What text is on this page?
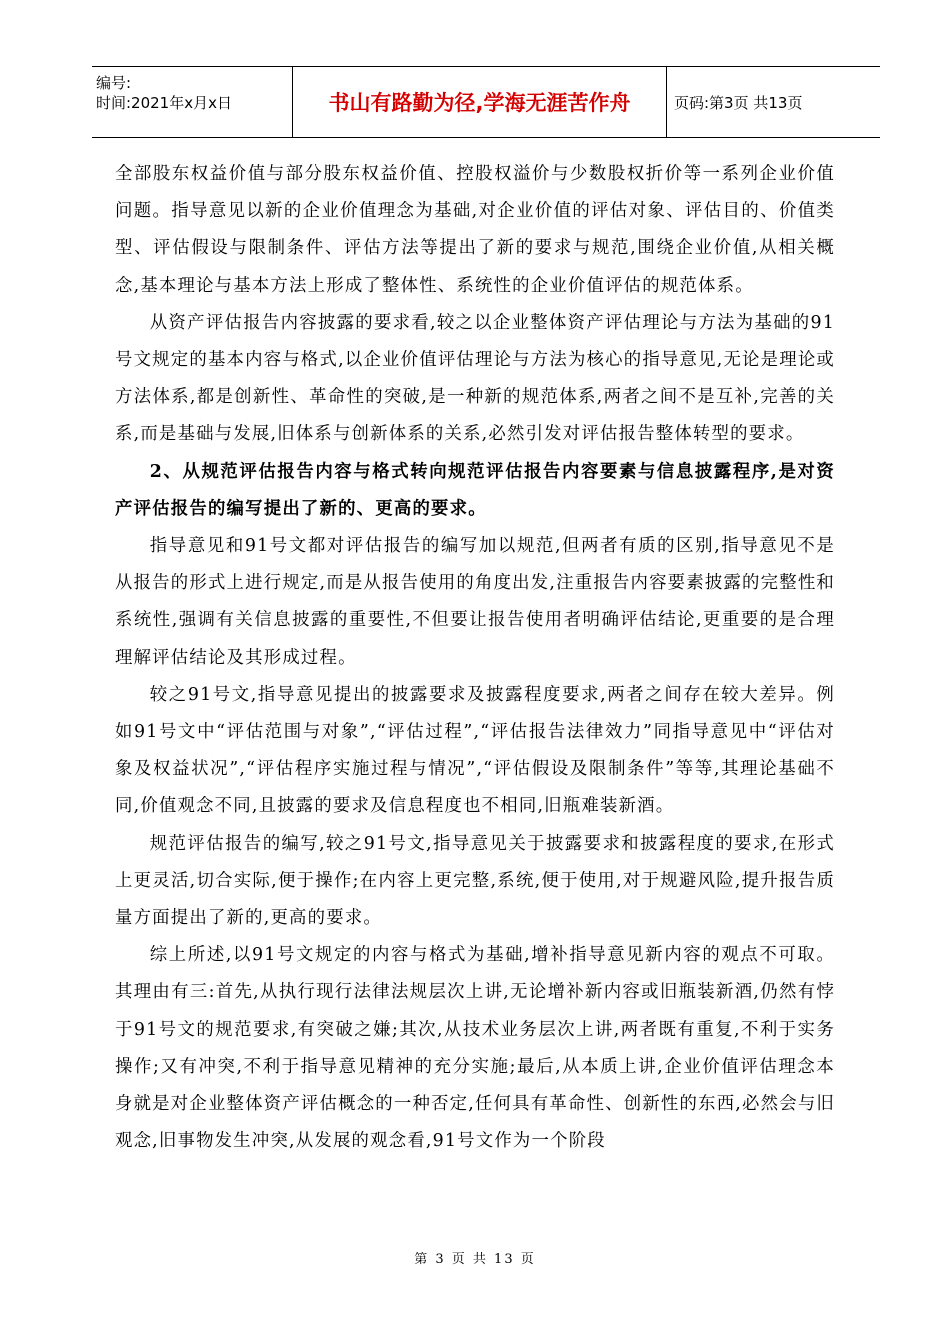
编号:
时间:2021年x月x日	书山有路勤为径,学海无涯苦作舟	页码:第3页 共13页

全部股东权益价值与部分股东权益价值、控股权溢价与少数股权折价等一系列企业价值问题。指导意见以新的企业价值理念为基础,对企业价值的评估对象、评估目的、价值类型、评估假设与限制条件、评估方法等提出了新的要求与规范,围绕企业价值,从相关概念,基本理论与基本方法上形成了整体性、系统性的企业价值评估的规范体系。

从资产评估报告内容披露的要求看,较之以企业整体资产评估理论与方法为基础的91号文规定的基本内容与格式,以企业价值评估理论与方法为核心的指导意见,无论是理论或方法体系,都是创新性、革命性的突破,是一种新的规范体系,两者之间不是互补,完善的关系,而是基础与发展,旧体系与创新体系的关系,必然引发对评估报告整体转型的要求。

2、从规范评估报告内容与格式转向规范评估报告内容要素与信息披露程序,是对资产评估报告的编写提出了新的、更高的要求。

指导意见和91号文都对评估报告的编写加以规范,但两者有质的区别,指导意见不是从报告的形式上进行规定,而是从报告使用的角度出发,注重报告内容要素披露的完整性和系统性,强调有关信息披露的重要性,不但要让报告使用者明确评估结论,更重要的是合理理解评估结论及其形成过程。

较之91号文,指导意见提出的披露要求及披露程度要求,两者之间存在较大差异。例如91号文中“评估范围与对象”,“评估过程”,“评估报告法律效力”同指导意见中“评估对象及权益状况”,“评估程序实施过程与情况”,“评估假设及限制条件”等等,其理论基础不同,价值观念不同,且披露的要求及信息程度也不相同,旧瓶难装新酒。

规范评估报告的编写,较之91号文,指导意见关于披露要求和披露程度的要求,在形式上更灵活,切合实际,便于操作;在内容上更完整,系统,便于使用,对于规避风险,提升报告质量方面提出了新的,更高的要求。

综上所述,以91号文规定的内容与格式为基础,增补指导意见新内容的观点不可取。其理由有三:首先,从执行现行法律法规层次上讲,无论增补新内容或旧瓶装新酒,仍然有悖于91号文的规范要求,有突破之嫌;其次,从技术业务层次上讲,两者既有重复,不利于实务操作;又有冲突,不利于指导意见精神的充分实施;最后,从本质上讲,企业价值评估理念本身就是对企业整体资产评估概念的一种否定,任何具有革命性、创新性的东西,必然会与旧观念,旧事物发生冲突,从发展的观念看,91号文作为一个阶段

第 3 页 共 13 页
